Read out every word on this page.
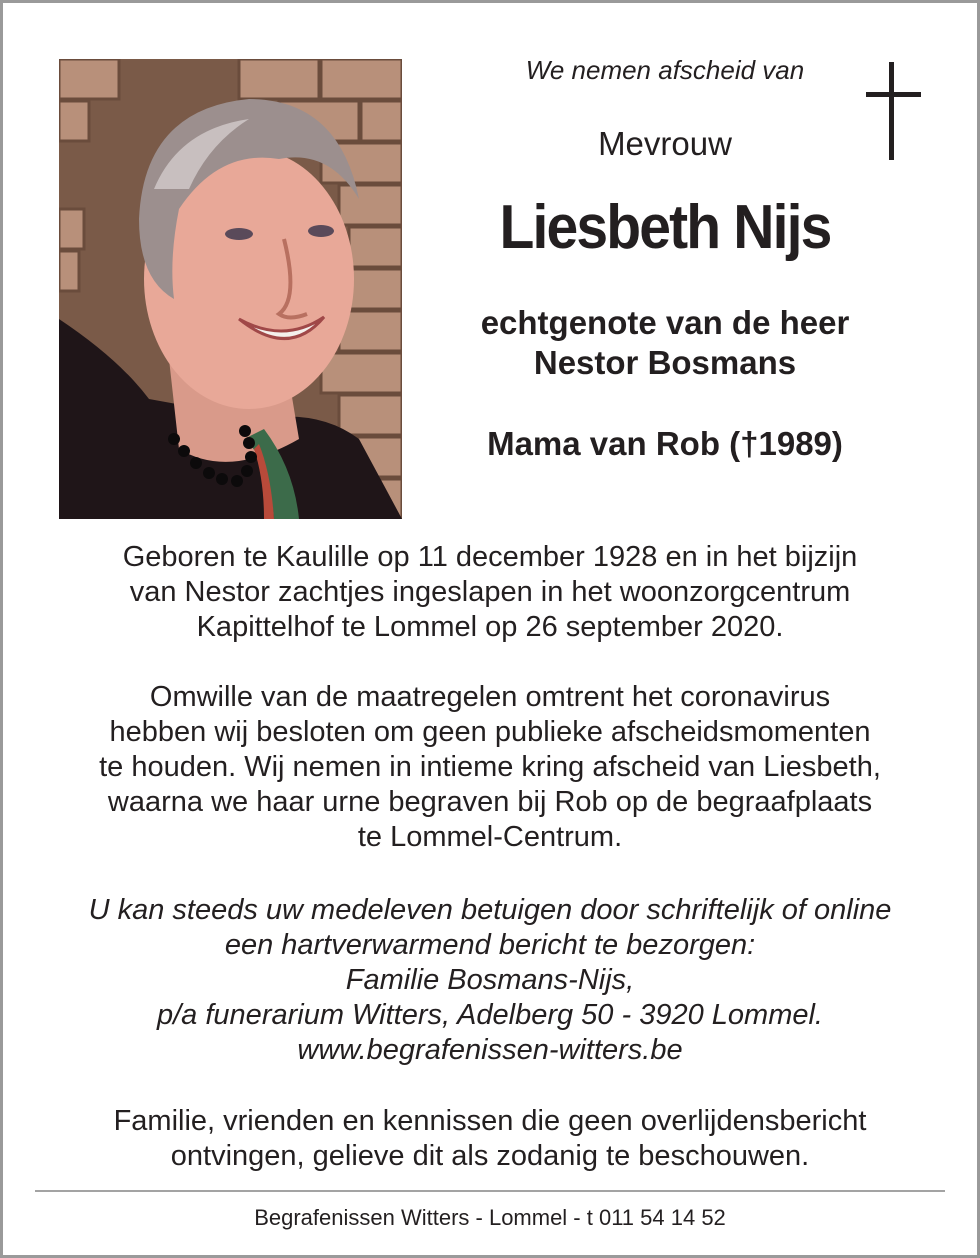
We nemen afscheid van
Mevrouw
Liesbeth Nijs
echtgenote van de heer
Nestor Bosmans
Mama van Rob (†1989)
Geboren te Kaulille op 11 december 1928 en in het bijzijn
van Nestor zachtjes ingeslapen in het woonzorgcentrum
Kapittelhof te Lommel op 26 september 2020.
Omwille van de maatregelen omtrent het coronavirus
hebben wij besloten om geen publieke afscheidsmomenten
te houden. Wij nemen in intieme kring afscheid van Liesbeth,
waarna we haar urne begraven bij Rob op de begraafplaats
te Lommel-Centrum.
U kan steeds uw medeleven betuigen door schriftelijk of online
een hartverwarmend bericht te bezorgen:
Familie Bosmans-Nijs,
p/a funerarium Witters, Adelberg 50 - 3920 Lommel.
www.begrafenissen-witters.be
Familie, vrienden en kennissen die geen overlijdensbericht
ontvingen, gelieve dit als zodanig te beschouwen.
Begrafenissen Witters - Lommel - t 011 54 14 52
